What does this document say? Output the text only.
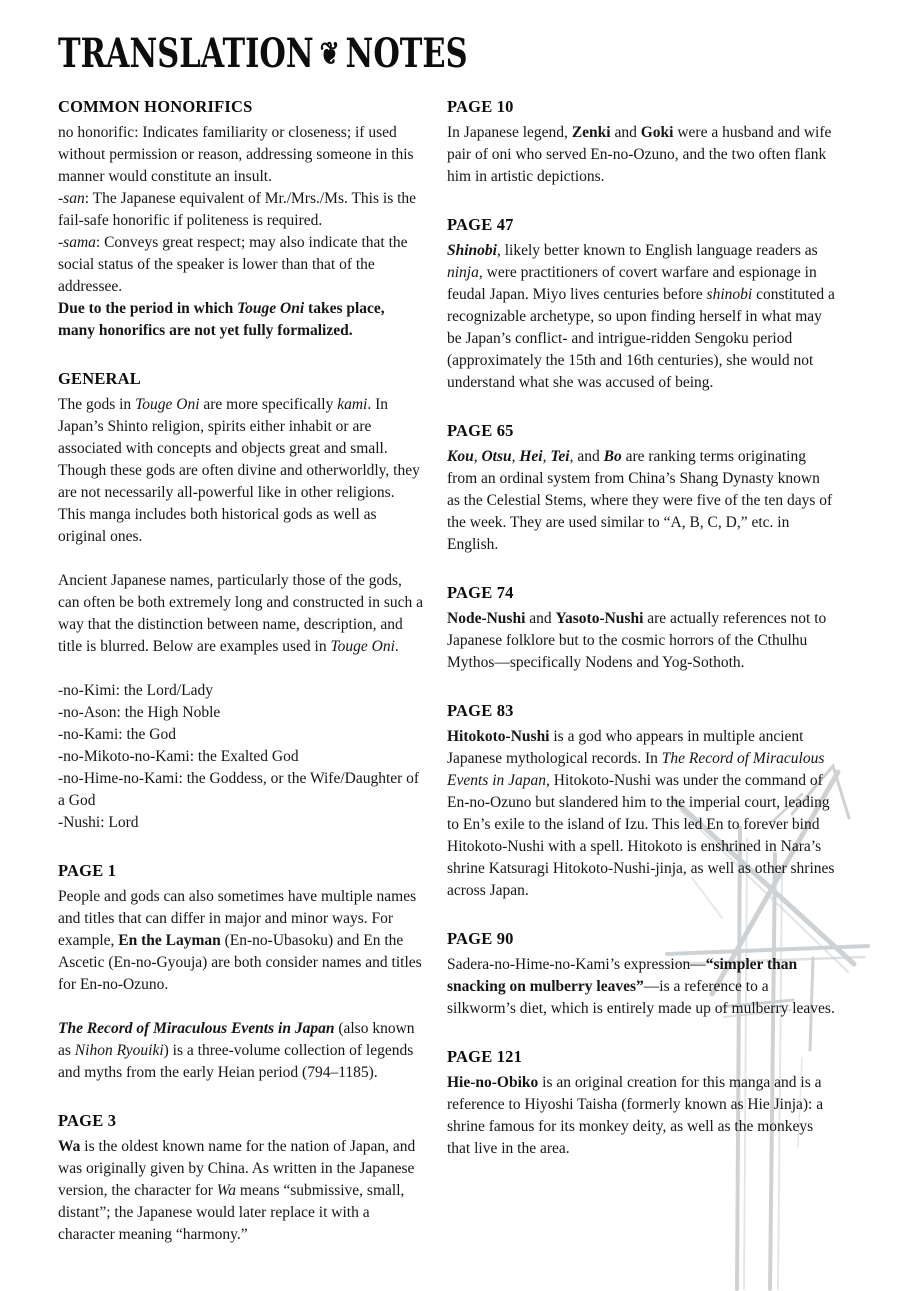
TRANSLATION ❦ NOTES
COMMON HONORIFICS

no honorific: Indicates familiarity or closeness; if used without permission or reason, addressing someone in this manner would constitute an insult.

-san: The Japanese equivalent of Mr./Mrs./Ms. This is the fail-safe honorific if politeness is required.

-sama: Conveys great respect; may also indicate that the social status of the speaker is lower than that of the addressee.

Due to the period in which Touge Oni takes place, many honorifics are not yet fully formalized.

GENERAL

The gods in Touge Oni are more specifically kami. In Japan’s Shinto religion, spirits either inhabit or are associated with concepts and objects great and small. Though these gods are often divine and otherworldly, they are not necessarily all-powerful like in other religions. This manga includes both historical gods as well as original ones.

Ancient Japanese names, particularly those of the gods, can often be both extremely long and constructed in such a way that the distinction between name, description, and title is blurred. Below are examples used in Touge Oni.

-no-Kimi: the Lord/Lady

-no-Ason: the High Noble

-no-Kami: the God

-no-Mikoto-no-Kami: the Exalted God

-no-Hime-no-Kami: the Goddess, or the Wife/Daughter of a God

-Nushi: Lord

PAGE 1

People and gods can also sometimes have multiple names and titles that can differ in major and minor ways. For example, En the Layman (En-no-Ubasoku) and En the Ascetic (En-no-Gyouja) are both consider names and titles for En-no-Ozuno.

The Record of Miraculous Events in Japan (also known as Nihon Ryouiki) is a three-volume collection of legends and myths from the early Heian period (794–1185).

PAGE 3

Wa is the oldest known name for the nation of Japan, and was originally given by China. As written in the Japanese version, the character for Wa means “submissive, small, distant”; the Japanese would later replace it with a character meaning “harmony.”

PAGE 10

In Japanese legend, Zenki and Goki were a husband and wife pair of oni who served En-no-Ozuno, and the two often flank him in artistic depictions.

PAGE 47

Shinobi, likely better known to English language readers as ninja, were practitioners of covert warfare and espionage in feudal Japan. Miyo lives centuries before shinobi constituted a recognizable archetype, so upon finding herself in what may be Japan’s conflict- and intrigue-ridden Sengoku period (approximately the 15th and 16th centuries), she would not understand what she was accused of being.

PAGE 65

Kou, Otsu, Hei, Tei, and Bo are ranking terms originating from an ordinal system from China’s Shang Dynasty known as the Celestial Stems, where they were five of the ten days of the week. They are used similar to “A, B, C, D,” etc. in English.

PAGE 74

Node-Nushi and Yasoto-Nushi are actually references not to Japanese folklore but to the cosmic horrors of the Cthulhu Mythos—specifically Nodens and Yog-Sothoth.

PAGE 83

Hitokoto-Nushi is a god who appears in multiple ancient Japanese mythological records. In The Record of Miraculous Events in Japan, Hitokoto-Nushi was under the command of En-no-Ozuno but slandered him to the imperial court, leading to En’s exile to the island of Izu. This led En to forever bind Hitokoto-Nushi with a spell. Hitokoto is enshrined in Nara’s shrine Katsuragi Hitokoto-Nushi-jinja, as well as other shrines across Japan.

PAGE 90

Sadera-no-Hime-no-Kami’s expression—“simpler than snacking on mulberry leaves”—is a reference to a silkworm’s diet, which is entirely made up of mulberry leaves.

PAGE 121

Hie-no-Obiko is an original creation for this manga and is a reference to Hiyoshi Taisha (formerly known as Hie Jinja): a shrine famous for its monkey deity, as well as the monkeys that live in the area.
